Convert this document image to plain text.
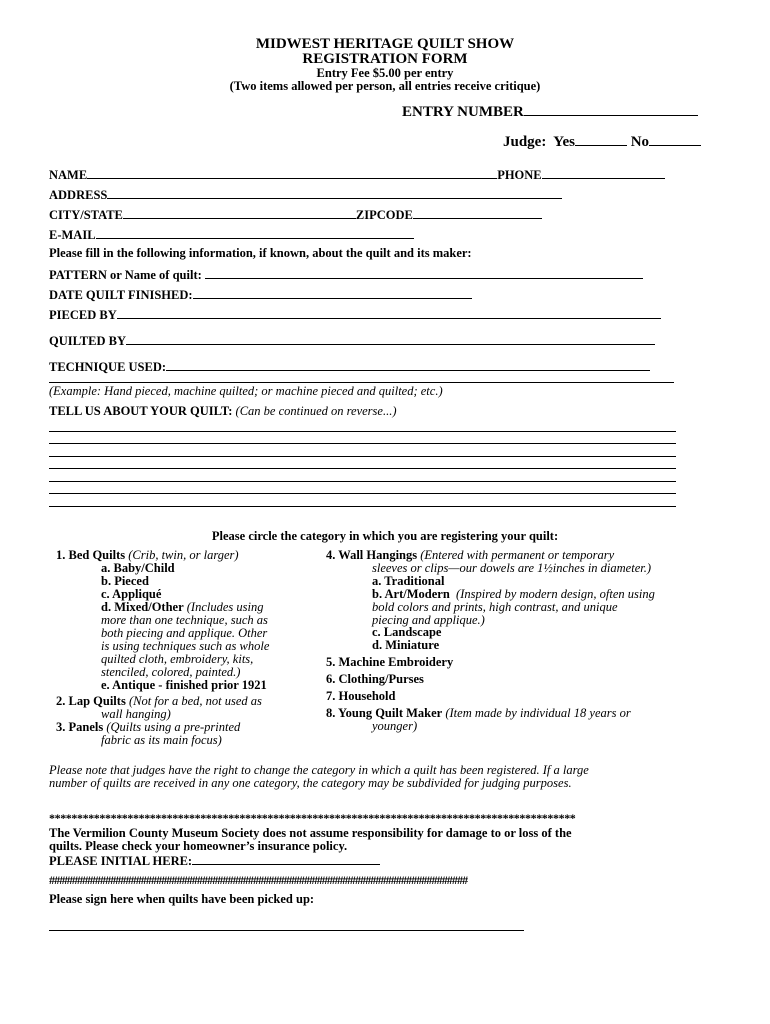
MIDWEST HERITAGE QUILT SHOW
REGISTRATION FORM
Entry Fee $5.00 per entry
(Two items allowed per person, all entries receive critique)
ENTRY NUMBER
Judge: Yes	No
NAME	PHONE
ADDRESS
CITY/STATE	ZIPCODE
E-MAIL
Please fill in the following information, if known, about the quilt and its maker:
PATTERN or Name of quilt:
DATE QUILT FINISHED:
PIECED BY
QUILTED BY
TECHNIQUE USED:
(Example: Hand pieced, machine quilted; or machine pieced and quilted; etc.)
TELL US ABOUT YOUR QUILT: (Can be continued on reverse...)
Please circle the category in which you are registering your quilt:
1. Bed Quilts (Crib, twin, or larger)
a. Baby/Child
b. Pieced
c. Appliqué
d. Mixed/Other (Includes using
more than one technique, such as
both piecing and applique. Other
is using techniques such as whole
quilted cloth, embroidery, kits,
stenciled, colored, painted.)
e. Antique - finished prior 1921
2. Lap Quilts (Not for a bed, not used as
wall hanging)
3. Panels (Quilts using a pre-printed
fabric as its main focus)
4. Wall Hangings (Entered with permanent or temporary
sleeves or clips—our dowels are 1½inches in diameter.)
a. Traditional
b. Art/Modern (Inspired by modern design, often using
bold colors and prints, high contrast, and unique
piecing and applique.)
c. Landscape
d. Miniature
5. Machine Embroidery
6. Clothing/Purses
7. Household
8. Young Quilt Maker (Item made by individual 18 years or
younger)
Please note that judges have the right to change the category in which a quilt has been registered. If a large
number of quilts are received in any one category, the category may be subdivided for judging purposes.
**********************************************************************************************
The Vermilion County Museum Society does not assume responsibility for damage to or loss of the
quilts. Please check your homeowner’s insurance policy.
PLEASE INITIAL HERE:
##################################################################################
Please sign here when quilts have been picked up:
